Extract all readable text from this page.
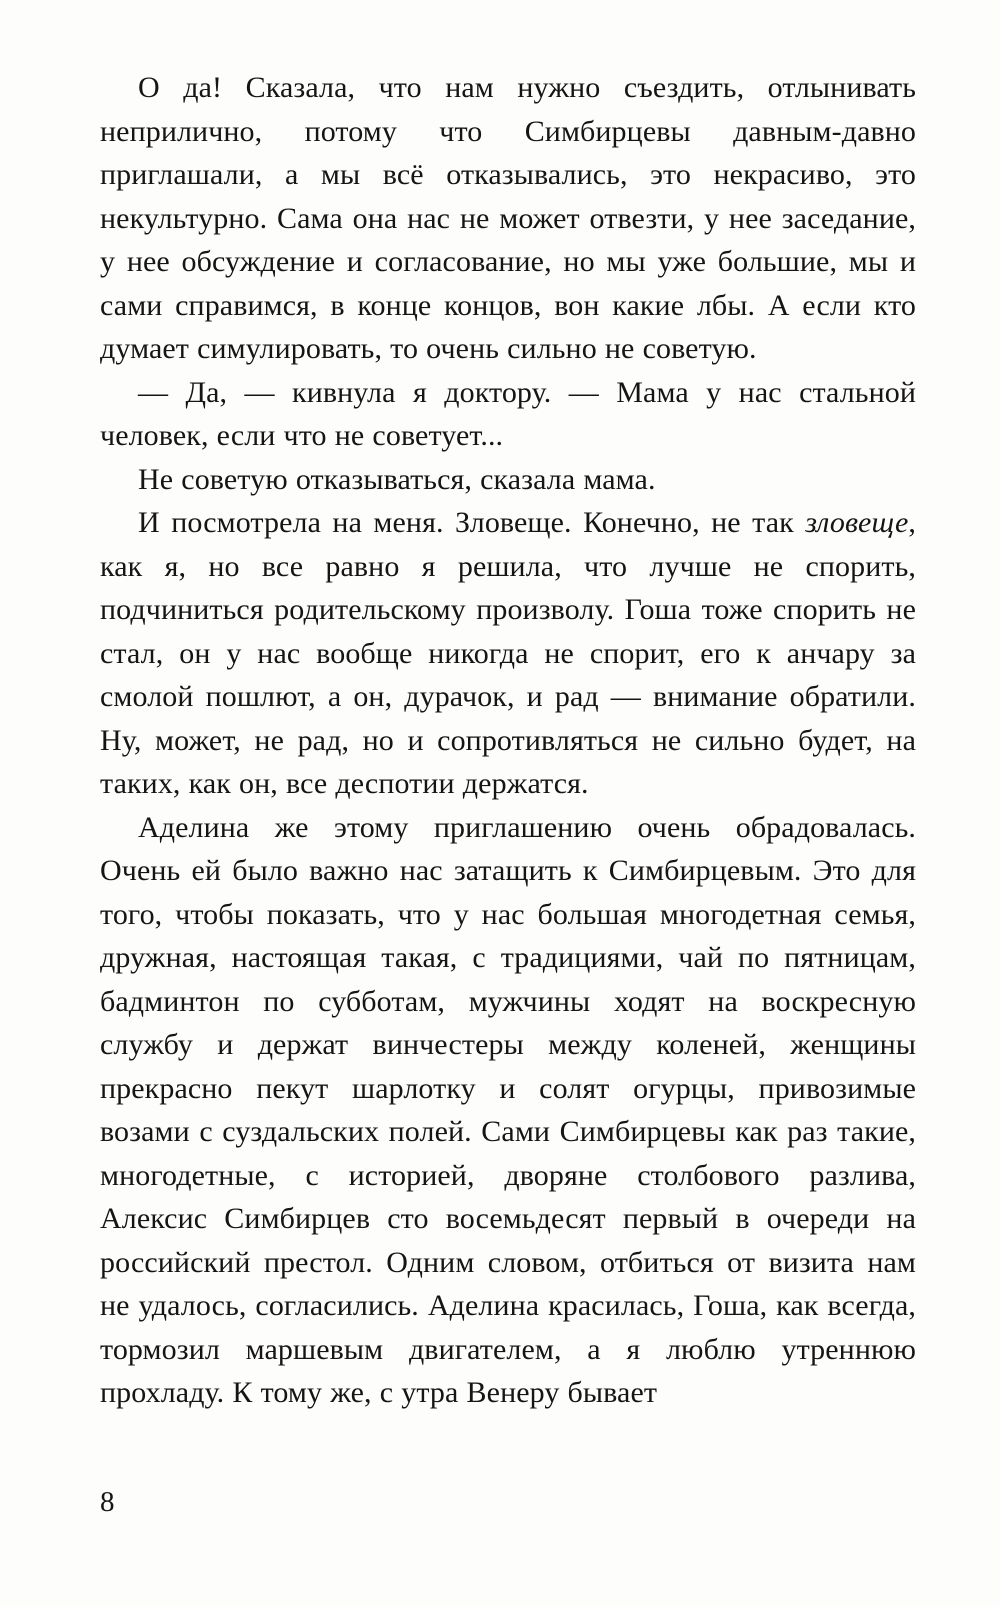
О да! Сказала, что нам нужно съездить, отлынивать неприлично, потому что Симбирцевы давным-давно приглашали, а мы всё отказывались, это некрасиво, это некультурно. Сама она нас не может отвезти, у нее заседание, у нее обсуждение и согласование, но мы уже большие, мы и сами справимся, в конце концов, вон какие лбы. А если кто думает симулировать, то очень сильно не советую.

— Да, — кивнула я доктору. — Мама у нас стальной человек, если что не советует...

Не советую отказываться, сказала мама.

И посмотрела на меня. Зловеще. Конечно, не так зловеще, как я, но все равно я решила, что лучше не спорить, подчиниться родительскому произволу. Гоша тоже спорить не стал, он у нас вообще никогда не спорит, его к анчару за смолой пошлют, а он, дурачок, и рад — внимание обратили. Ну, может, не рад, но и сопротивляться не сильно будет, на таких, как он, все деспотии держатся.

Аделина же этому приглашению очень обрадовалась. Очень ей было важно нас затащить к Симбирцевым. Это для того, чтобы показать, что у нас большая многодетная семья, дружная, настоящая такая, с традициями, чай по пятницам, бадминтон по субботам, мужчины ходят на воскресную службу и держат винчестеры между коленей, женщины прекрасно пекут шарлотку и солят огурцы, привозимые возами с суздальских полей. Сами Симбирцевы как раз такие, многодетные, с историей, дворяне столбового разлива, Алексис Симбирцев сто восемьдесят первый в очереди на российский престол. Одним словом, отбиться от визита нам не удалось, согласились. Аделина красилась, Гоша, как всегда, тормозил маршевым двигателем, а я люблю утреннюю прохладу. К тому же, с утра Венеру бывает

8
